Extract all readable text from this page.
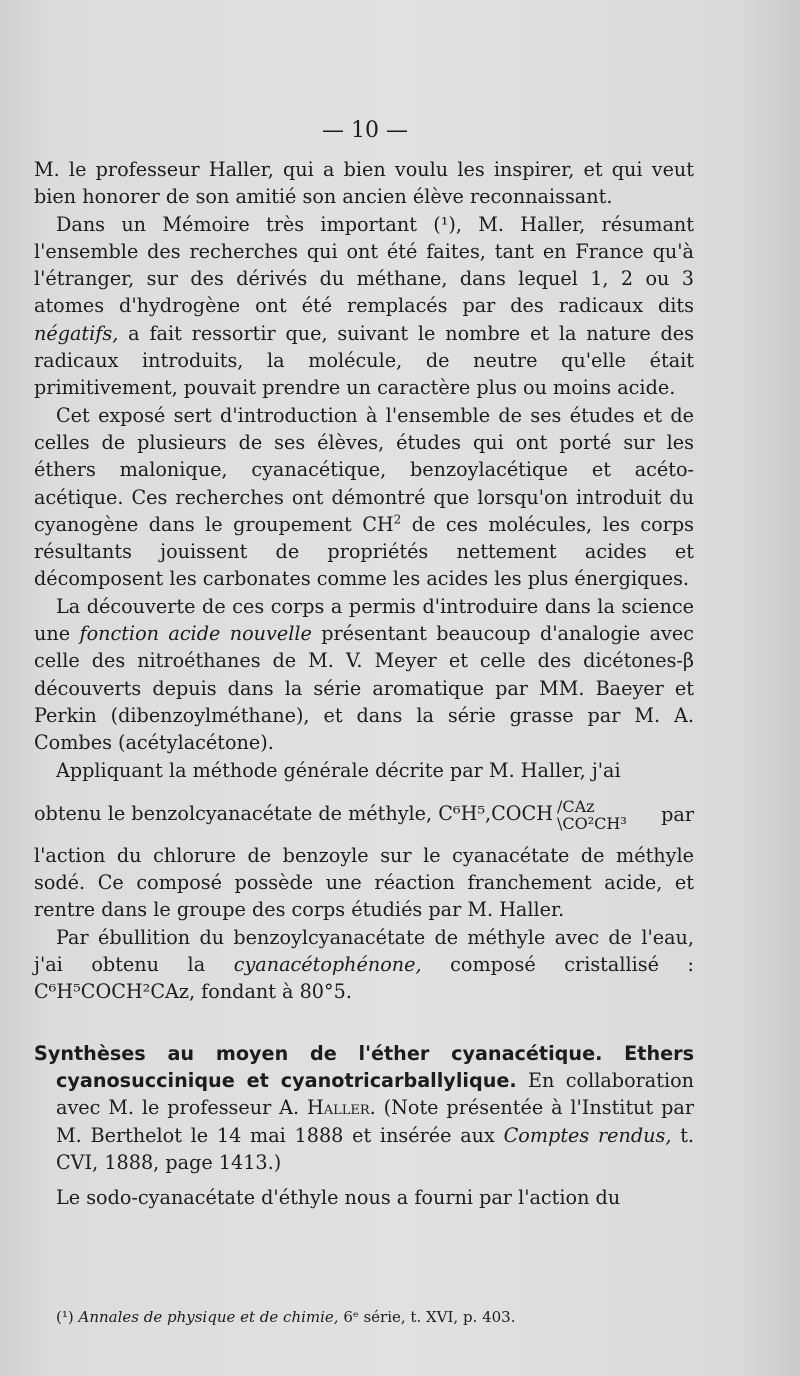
— 10 —

M. le professeur Haller, qui a bien voulu les inspirer, et qui veut bien honorer de son amitié son ancien élève reconnaissant.

Dans un Mémoire très important (¹), M. Haller, résumant l'ensemble des recherches qui ont été faites, tant en France qu'à l'étranger, sur des dérivés du méthane, dans lequel 1, 2 ou 3 atomes d'hydrogène ont été remplacés par des radicaux dits négatifs, a fait ressortir que, suivant le nombre et la nature des radicaux introduits, la molécule, de neutre qu'elle était primitivement, pouvait prendre un caractère plus ou moins acide.

Cet exposé sert d'introduction à l'ensemble de ses études et de celles de plusieurs de ses élèves, études qui ont porté sur les éthers malonique, cyanacétique, benzoylacétique et acéto-acétique. Ces recherches ont démontré que lorsqu'on introduit du cyanogène dans le groupement $CH^2$ de ces molécules, les corps résultants jouissent de propriétés nettement acides et décomposent les carbonates comme les acides les plus énergiques.

La découverte de ces corps a permis d'introduire dans la science une fonction acide nouvelle présentant beaucoup d'analogie avec celle des nitroéthanes de M. V. Meyer et celle des dicétones-β découverts depuis dans la série aromatique par MM. Baeyer et Perkin (dibenzoylméthane), et dans la série grasse par M. A. Combes (acétylacétone).

Appliquant la méthode générale décrite par M. Haller, j'ai

obtenu le benzolcyanacétate de méthyle, C⁶H⁵,COCH /CAz
\CO²CH³ par

l'action du chlorure de benzoyle sur le cyanacétate de méthyle sodé. Ce composé possède une réaction franchement acide, et rentre dans le groupe des corps étudiés par M. Haller.

Par ébullition du benzoylcyanacétate de méthyle avec de l'eau, j'ai obtenu la cyanacétophénone, composé cristallisé : C⁶H⁵COCH²CAz, fondant à 80°5.

Synthèses au moyen de l'éther cyanacétique. Ethers cyanosuccinique et cyanotricarballylique. En collaboration avec M. le professeur A. Haller. (Note présentée à l'Institut par M. Berthelot le 14 mai 1888 et insérée aux Comptes rendus, t. CVI, 1888, page 1413.)

Le sodo-cyanacétate d'éthyle nous a fourni par l'action du

(¹) Annales de physique et de chimie, 6ᵉ série, t. XVI, p. 403.
